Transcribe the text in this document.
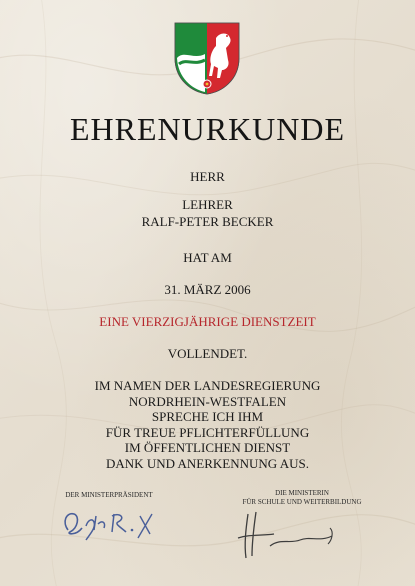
EHRENURKUNDE
HERR
LEHRER
RALF-PETER BECKER
HAT AM
31. MÄRZ 2006
EINE VIERZIGJÄHRIGE DIENSTZEIT
VOLLENDET.
IM NAMEN DER LANDESREGIERUNG
NORDRHEIN-WESTFALEN
SPRECHE ICH IHM
FÜR TREUE PFLICHTERFÜLLUNG
IM ÖFFENTLICHEN DIENST
DANK UND ANERKENNUNG AUS.
DER MINISTERPRÄSIDENT	DIE MINISTERIN
FÜR SCHULE UND WEITERBILDUNG
